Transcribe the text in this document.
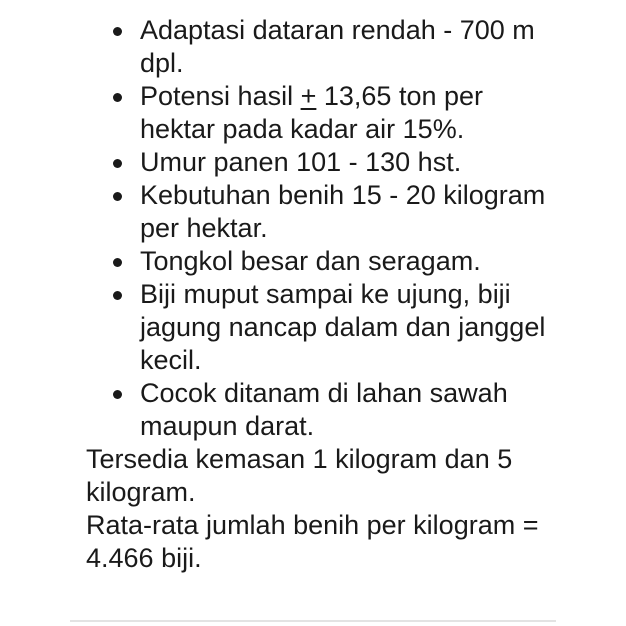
Adaptasi dataran rendah - 700 m dpl.
Potensi hasil + 13,65 ton per hektar pada kadar air 15%.
Umur panen 101 - 130 hst.
Kebutuhan benih 15 - 20 kilogram per hektar.
Tongkol besar dan seragam.
Biji muput sampai ke ujung, biji jagung nancap dalam dan janggel kecil.
Cocok ditanam di lahan sawah maupun darat.

Tersedia kemasan 1 kilogram dan 5 kilogram.

Rata-rata jumlah benih per kilogram = 4.466 biji.
